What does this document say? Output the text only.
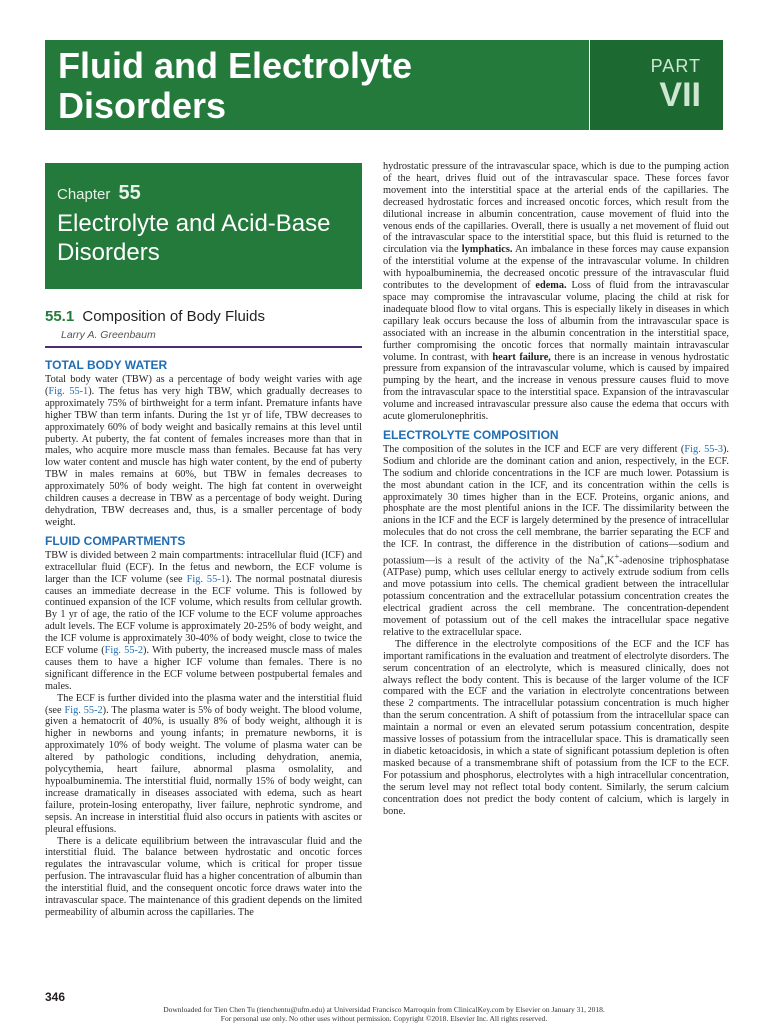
Fluid and Electrolyte Disorders
PART
VII
Chapter 55
Electrolyte and Acid-Base Disorders
55.1 Composition of Body Fluids
Larry A. Greenbaum
TOTAL BODY WATER

Total body water (TBW) as a percentage of body weight varies with age (Fig. 55-1). The fetus has very high TBW, which gradually decreases to approximately 75% of birthweight for a term infant. Premature infants have higher TBW than term infants. During the 1st yr of life, TBW decreases to approximately 60% of body weight and basically remains at this level until puberty. At puberty, the fat content of females increases more than that in males, who acquire more muscle mass than females. Because fat has very low water content and muscle has high water content, by the end of puberty TBW in males remains at 60%, but TBW in females decreases to approximately 50% of body weight. The high fat content in overweight children causes a decrease in TBW as a percentage of body weight. During dehydration, TBW decreases and, thus, is a smaller percentage of body weight.

FLUID COMPARTMENTS

TBW is divided between 2 main compartments: intracellular fluid (ICF) and extracellular fluid (ECF). In the fetus and newborn, the ECF volume is larger than the ICF volume (see Fig. 55-1). The normal postnatal diuresis causes an immediate decrease in the ECF volume. This is followed by continued expansion of the ICF volume, which results from cellular growth. By 1 yr of age, the ratio of the ICF volume to the ECF volume approaches adult levels. The ECF volume is approximately 20-25% of body weight, and the ICF volume is approximately 30-40% of body weight, close to twice the ECF volume (Fig. 55-2). With puberty, the increased muscle mass of males causes them to have a higher ICF volume than females. There is no significant difference in the ECF volume between postpubertal females and males.

The ECF is further divided into the plasma water and the interstitial fluid (see Fig. 55-2). The plasma water is 5% of body weight. The blood volume, given a hematocrit of 40%, is usually 8% of body weight, although it is higher in newborns and young infants; in premature newborns, it is approximately 10% of body weight. The volume of plasma water can be altered by pathologic conditions, including dehydration, anemia, polycythemia, heart failure, abnormal plasma osmolality, and hypoalbuminemia. The interstitial fluid, normally 15% of body weight, can increase dramatically in diseases associated with edema, such as heart failure, protein-losing enteropathy, liver failure, nephrotic syndrome, and sepsis. An increase in interstitial fluid also occurs in patients with ascites or pleural effusions.

There is a delicate equilibrium between the intravascular fluid and the interstitial fluid. The balance between hydrostatic and oncotic forces regulates the intravascular volume, which is critical for proper tissue perfusion. The intravascular fluid has a higher concentration of albumin than the interstitial fluid, and the consequent oncotic force draws water into the intravascular space. The maintenance of this gradient depends on the limited permeability of albumin across the capillaries. The

hydrostatic pressure of the intravascular space, which is due to the pumping action of the heart, drives fluid out of the intravascular space. These forces favor movement into the interstitial space at the arterial ends of the capillaries. The decreased hydrostatic forces and increased oncotic forces, which result from the dilutional increase in albumin concentration, cause movement of fluid into the venous ends of the capillaries. Overall, there is usually a net movement of fluid out of the intravascular space to the interstitial space, but this fluid is returned to the circulation via the lymphatics. An imbalance in these forces may cause expansion of the interstitial volume at the expense of the intravascular volume. In children with hypoalbuminemia, the decreased oncotic pressure of the intravascular fluid contributes to the development of edema. Loss of fluid from the intravascular space may compromise the intravascular volume, placing the child at risk for inadequate blood flow to vital organs. This is especially likely in diseases in which capillary leak occurs because the loss of albumin from the intravascular space is associated with an increase in the albumin concentration in the interstitial space, further compromising the oncotic forces that normally maintain intravascular volume. In contrast, with heart failure, there is an increase in venous hydrostatic pressure from expansion of the intravascular volume, which is caused by impaired pumping by the heart, and the increase in venous pressure causes fluid to move from the intravascular space to the interstitial space. Expansion of the intravascular volume and increased intravascular pressure also cause the edema that occurs with acute glomerulonephritis.

ELECTROLYTE COMPOSITION

The composition of the solutes in the ICF and ECF are very different (Fig. 55-3). Sodium and chloride are the dominant cation and anion, respectively, in the ECF. The sodium and chloride concentrations in the ICF are much lower. Potassium is the most abundant cation in the ICF, and its concentration within the cells is approximately 30 times higher than in the ECF. Proteins, organic anions, and phosphate are the most plentiful anions in the ICF. The dissimilarity between the anions in the ICF and the ECF is largely determined by the presence of intracellular molecules that do not cross the cell membrane, the barrier separating the ECF and the ICF. In contrast, the difference in the distribution of cations—sodium and potassium—is a result of the activity of the Na+,K+-adenosine triphosphatase (ATPase) pump, which uses cellular energy to actively extrude sodium from cells and move potassium into cells. The chemical gradient between the intracellular potassium concentration and the extracellular potassium concentration creates the electrical gradient across the cell membrane. The concentration-dependent movement of potassium out of the cell makes the intracellular space negative relative to the extracellular space.

The difference in the electrolyte compositions of the ECF and the ICF has important ramifications in the evaluation and treatment of electrolyte disorders. The serum concentration of an electrolyte, which is measured clinically, does not always reflect the body content. This is because of the larger volume of the ICF compared with the ECF and the variation in electrolyte concentrations between these 2 compartments. The intracellular potassium concentration is much higher than the serum concentration. A shift of potassium from the intracellular space can maintain a normal or even an elevated serum potassium concentration, despite massive losses of potassium from the intracellular space. This is dramatically seen in diabetic ketoacidosis, in which a state of significant potassium depletion is often masked because of a transmembrane shift of potassium from the ICF to the ECF. For potassium and phosphorus, electrolytes with a high intracellular concentration, the serum level may not reflect total body content. Similarly, the serum calcium concentration does not predict the body content of calcium, which is largely in bone.

346
Downloaded for Tien Chen Tu (tienchentu@ufm.edu) at Universidad Francisco Marroquin from ClinicalKey.com by Elsevier on January 31, 2018.
For personal use only. No other uses without permission. Copyright ©2018. Elsevier Inc. All rights reserved.
